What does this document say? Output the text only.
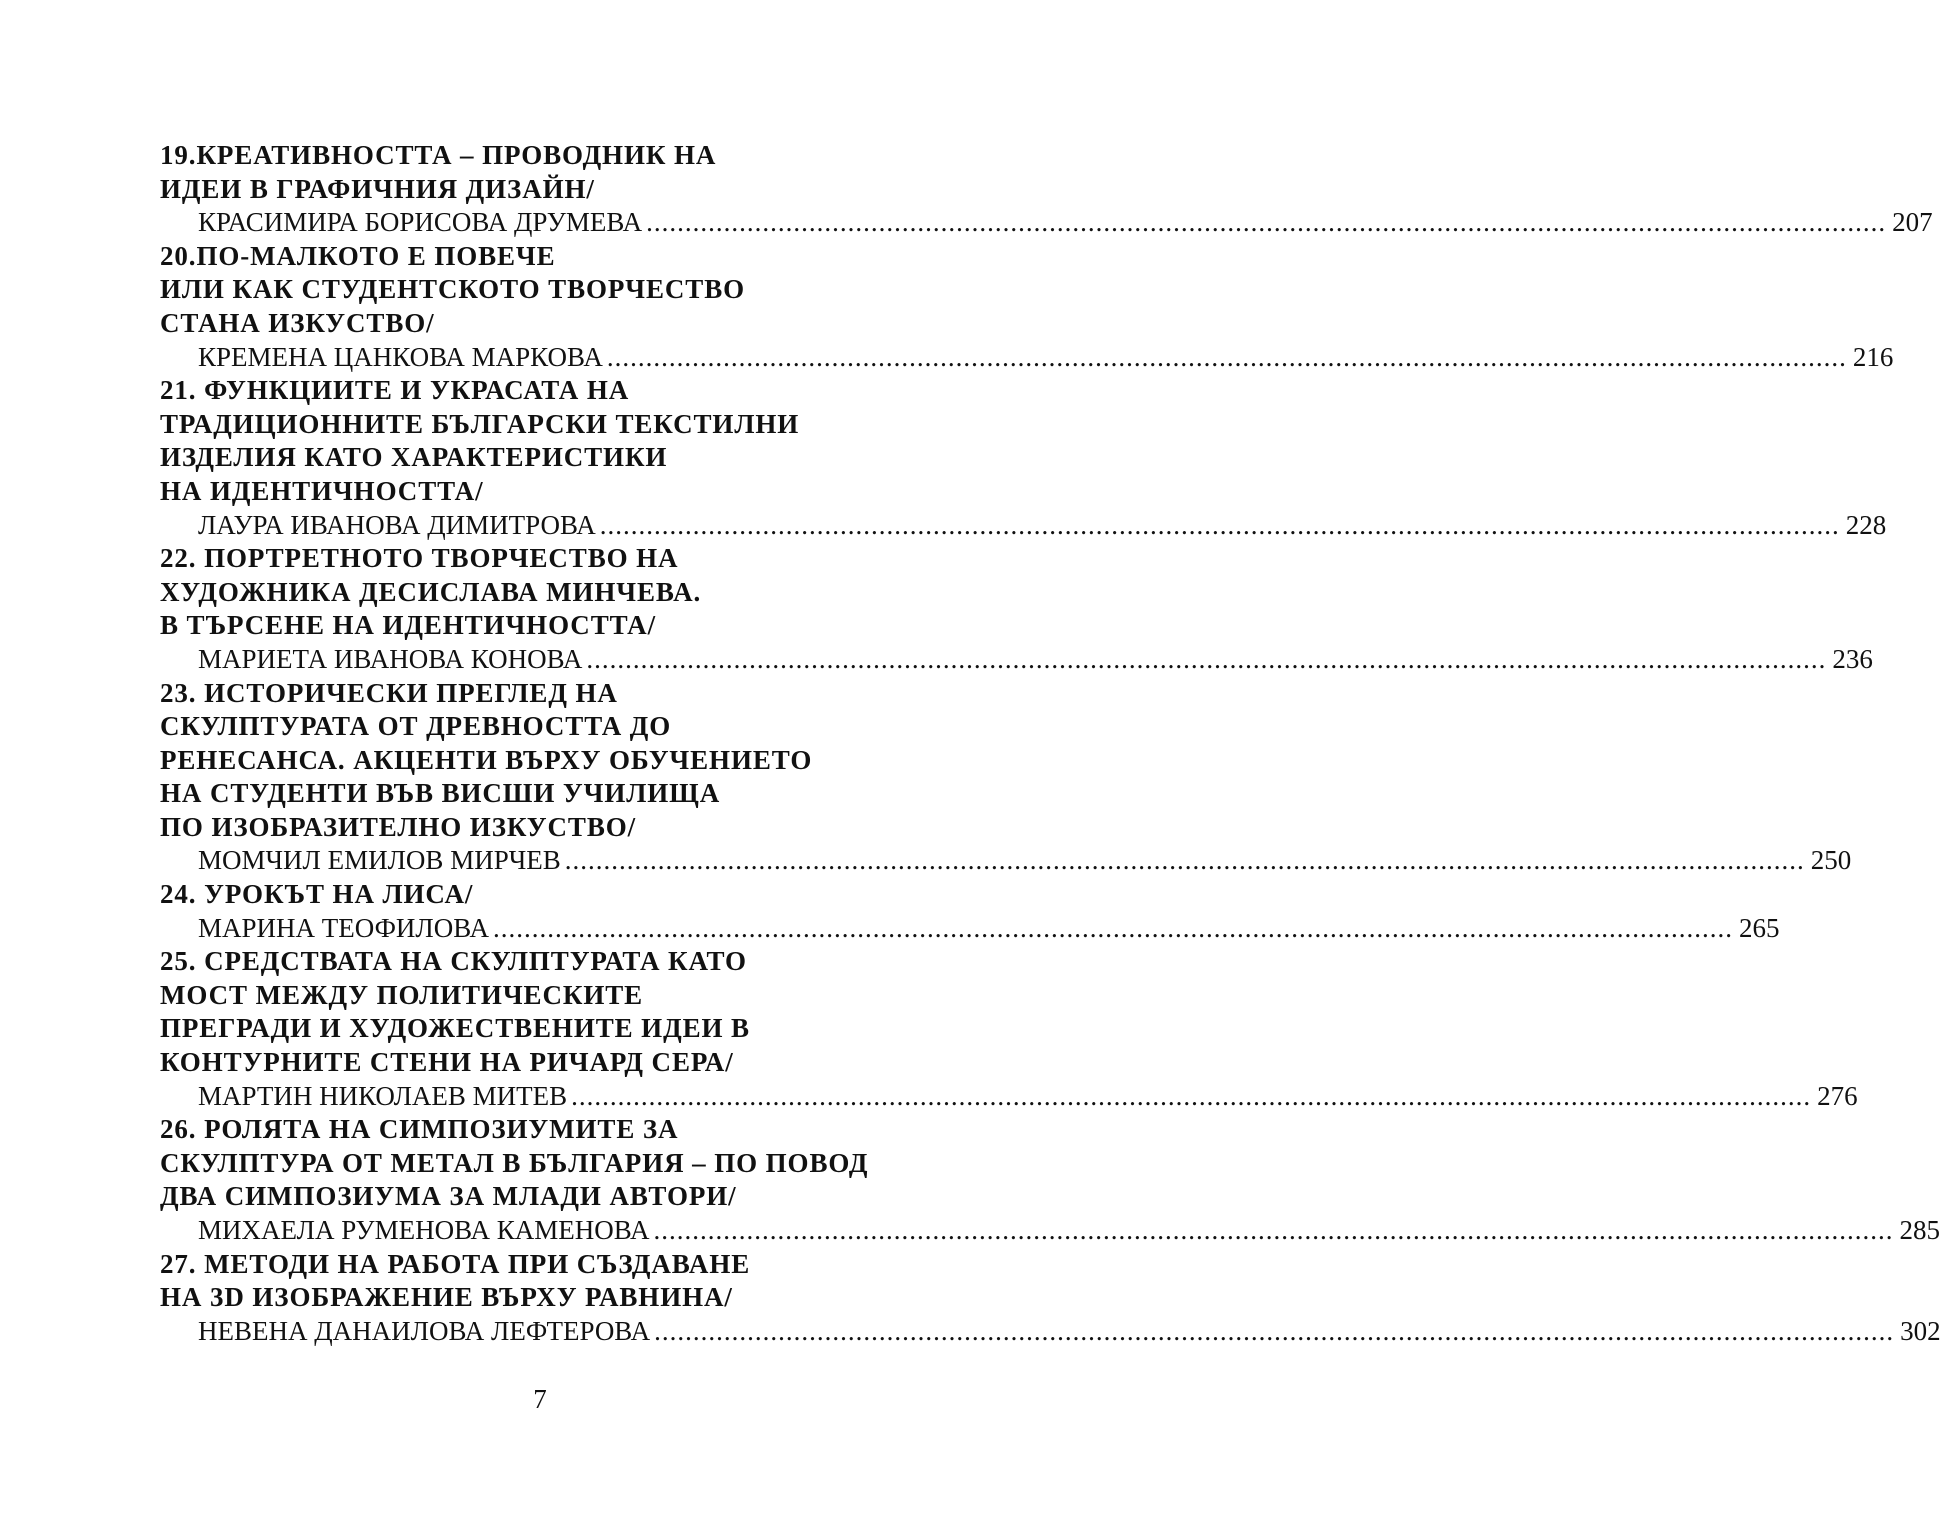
19.КРЕАТИВНОСТТА – ПРОВОДНИК НА
ИДЕИ В ГРАФИЧНИЯ ДИЗАЙН/
КРАСИМИРА БОРИСОВА ДРУМЕВА ................................................................................................................................................................ 207
20.ПО-МАЛКОТО Е ПОВЕЧЕ
ИЛИ КАК СТУДЕНТСКОТО ТВОРЧЕСТВО
СТАНА ИЗКУСТВО/
КРЕМЕНА ЦАНКОВА МАРКОВА ................................................................................................................................................................ 216
21. ФУНКЦИИТЕ И УКРАСАТА НА
ТРАДИЦИОННИТЕ БЪЛГАРСКИ ТЕКСТИЛНИ
ИЗДЕЛИЯ КАТО ХАРАКТЕРИСТИКИ
НА ИДЕНТИЧНОСТТА/
ЛАУРА ИВАНОВА ДИМИТРОВА ................................................................................................................................................................ 228
22. ПОРТРЕТНОТО ТВОРЧЕСТВО НА
ХУДОЖНИКА ДЕСИСЛАВА МИНЧЕВА.
В ТЪРСЕНЕ НА ИДЕНТИЧНОСТТА/
МАРИЕТА ИВАНОВА КОНОВА ................................................................................................................................................................ 236
23. ИСТОРИЧЕСКИ ПРЕГЛЕД НА
СКУЛПТУРАТА ОТ ДРЕВНОСТТА ДО
РЕНЕСАНСА. АКЦЕНТИ ВЪРХУ ОБУЧЕНИЕТО
НА СТУДЕНТИ ВЪВ ВИСШИ УЧИЛИЩА
ПО ИЗОБРАЗИТЕЛНО ИЗКУСТВО/
МОМЧИЛ ЕМИЛОВ МИРЧЕВ ................................................................................................................................................................ 250
24. УРОКЪТ НА ЛИСА/
МАРИНА ТЕОФИЛОВА ................................................................................................................................................................ 265
25. СРЕДСТВАТА НА СКУЛПТУРАТА КАТО
МОСТ МЕЖДУ ПОЛИТИЧЕСКИТЕ
ПРЕГРАДИ И ХУДОЖЕСТВЕНИТЕ ИДЕИ В
КОНТУРНИТЕ СТЕНИ НА РИЧАРД СЕРА/
МАРТИН НИКОЛАЕВ МИТЕВ ................................................................................................................................................................ 276
26. РОЛЯТА НА СИМПОЗИУМИТЕ ЗА
СКУЛПТУРА ОТ МЕТАЛ В БЪЛГАРИЯ – ПО ПОВОД
ДВА СИМПОЗИУМА ЗА МЛАДИ АВТОРИ/
МИХАЕЛА РУМЕНОВА КАМЕНОВА ................................................................................................................................................................ 285
27. МЕТОДИ НА РАБОТА ПРИ СЪЗДАВАНЕ
НА 3D ИЗОБРАЖЕНИЕ ВЪРХУ РАВНИНА/
НЕВЕНА ДАНАИЛОВА ЛЕФТЕРОВА ................................................................................................................................................................ 302
7
